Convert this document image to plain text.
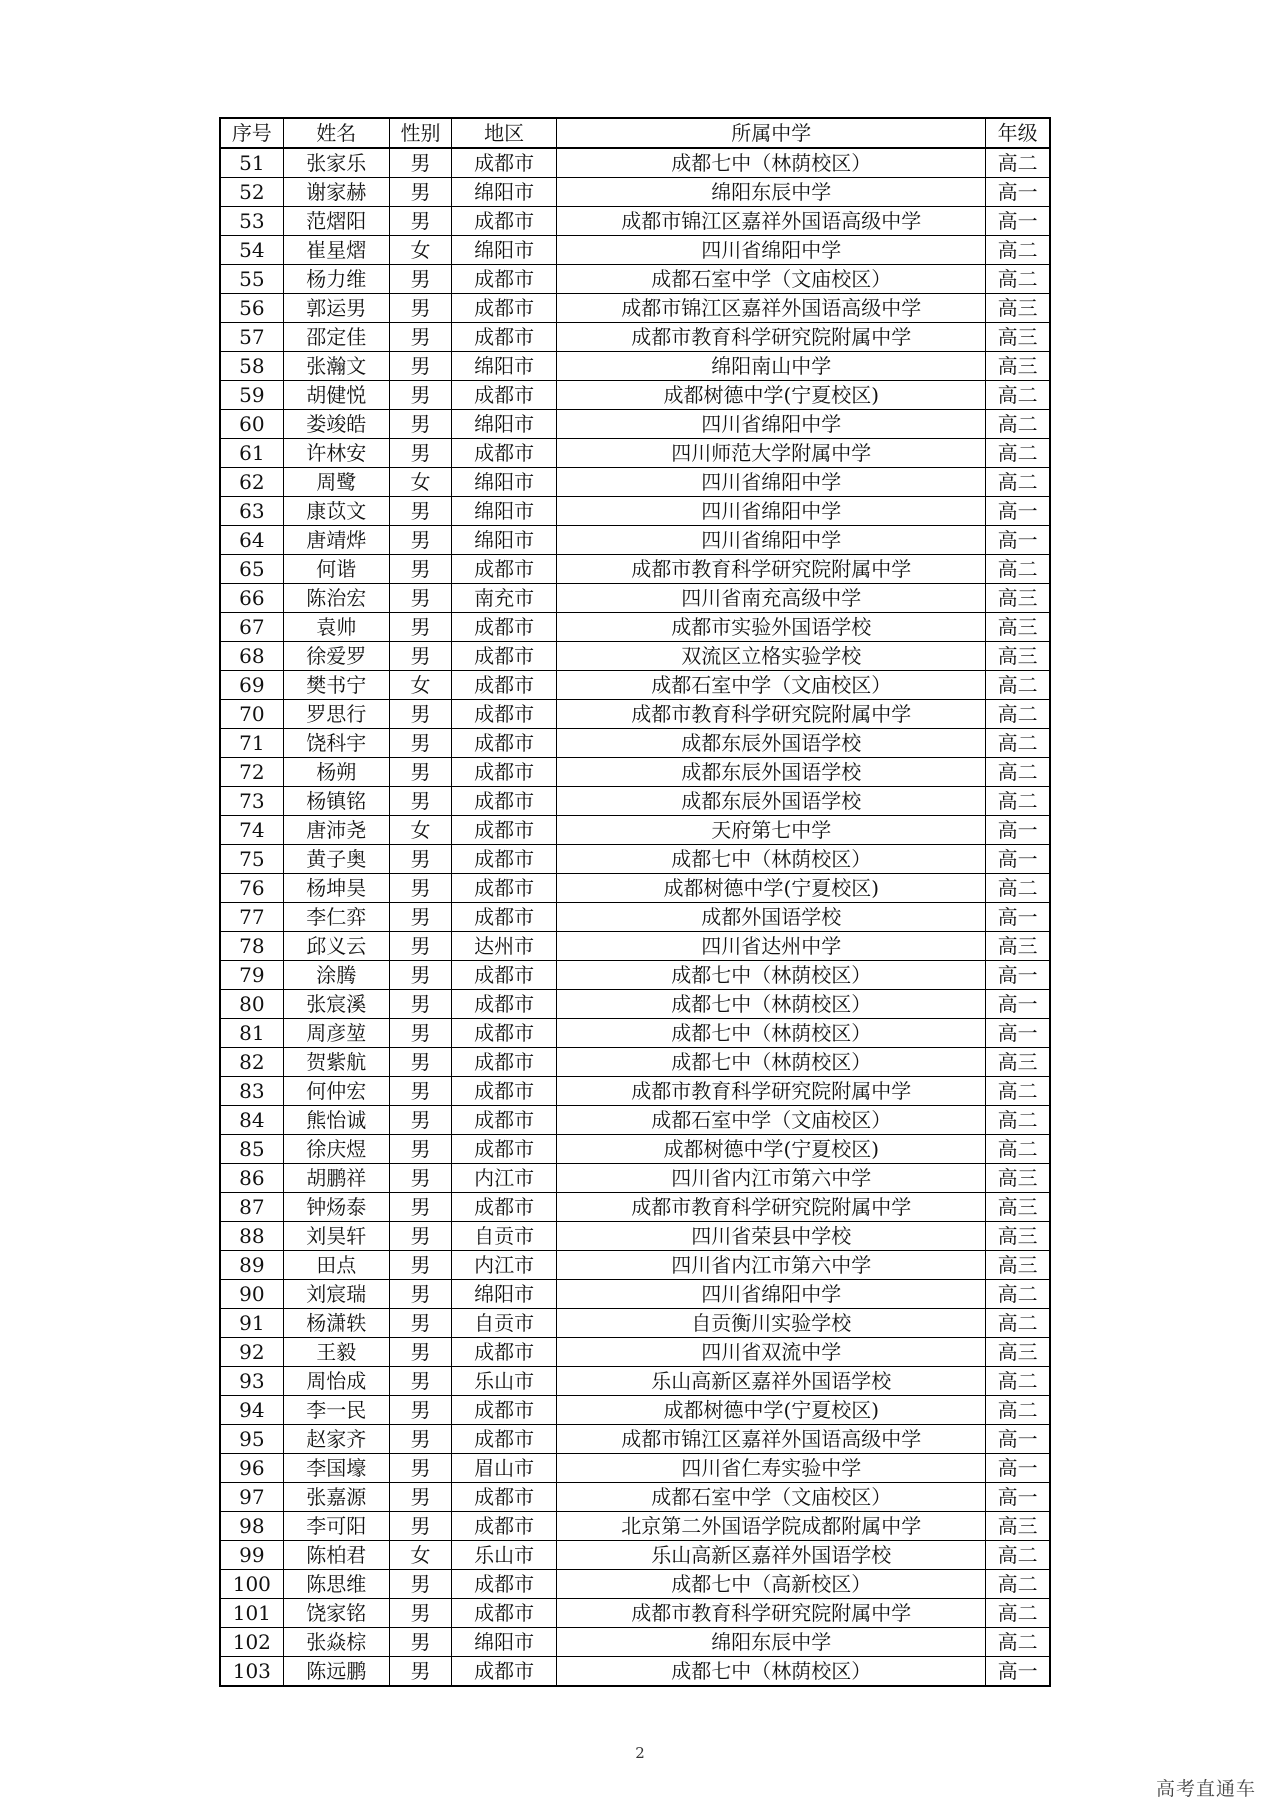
序号	姓名	性别	地区	所属中学	年级
51	张家乐	男	成都市	成都七中（林荫校区）	高二
52	谢家赫	男	绵阳市	绵阳东辰中学	高一
53	范熠阳	男	成都市	成都市锦江区嘉祥外国语高级中学	高一
54	崔星熠	女	绵阳市	四川省绵阳中学	高二
55	杨力维	男	成都市	成都石室中学（文庙校区）	高二
56	郭运男	男	成都市	成都市锦江区嘉祥外国语高级中学	高三
57	邵定佳	男	成都市	成都市教育科学研究院附属中学	高三
58	张瀚文	男	绵阳市	绵阳南山中学	高三
59	胡健悦	男	成都市	成都树德中学(宁夏校区)	高二
60	娄竣皓	男	绵阳市	四川省绵阳中学	高二
61	许林安	男	成都市	四川师范大学附属中学	高二
62	周鹭	女	绵阳市	四川省绵阳中学	高二
63	康苡文	男	绵阳市	四川省绵阳中学	高一
64	唐靖烨	男	绵阳市	四川省绵阳中学	高一
65	何谐	男	成都市	成都市教育科学研究院附属中学	高二
66	陈治宏	男	南充市	四川省南充高级中学	高三
67	袁帅	男	成都市	成都市实验外国语学校	高三
68	徐爱罗	男	成都市	双流区立格实验学校	高三
69	樊书宁	女	成都市	成都石室中学（文庙校区）	高二
70	罗思行	男	成都市	成都市教育科学研究院附属中学	高二
71	饶科宇	男	成都市	成都东辰外国语学校	高二
72	杨朔	男	成都市	成都东辰外国语学校	高二
73	杨镇铭	男	成都市	成都东辰外国语学校	高二
74	唐沛尧	女	成都市	天府第七中学	高一
75	黄子奥	男	成都市	成都七中（林荫校区）	高一
76	杨坤昊	男	成都市	成都树德中学(宁夏校区)	高二
77	李仁弈	男	成都市	成都外国语学校	高一
78	邱义云	男	达州市	四川省达州中学	高三
79	涂腾	男	成都市	成都七中（林荫校区）	高一
80	张宸溪	男	成都市	成都七中（林荫校区）	高一
81	周彦堃	男	成都市	成都七中（林荫校区）	高一
82	贺紫航	男	成都市	成都七中（林荫校区）	高三
83	何仲宏	男	成都市	成都市教育科学研究院附属中学	高二
84	熊怡诚	男	成都市	成都石室中学（文庙校区）	高二
85	徐庆煜	男	成都市	成都树德中学(宁夏校区)	高二
86	胡鹏祥	男	内江市	四川省内江市第六中学	高三
87	钟炀泰	男	成都市	成都市教育科学研究院附属中学	高三
88	刘昊轩	男	自贡市	四川省荣县中学校	高三
89	田点	男	内江市	四川省内江市第六中学	高三
90	刘宸瑞	男	绵阳市	四川省绵阳中学	高二
91	杨潇轶	男	自贡市	自贡衡川实验学校	高二
92	王毅	男	成都市	四川省双流中学	高三
93	周怡成	男	乐山市	乐山高新区嘉祥外国语学校	高二
94	李一民	男	成都市	成都树德中学(宁夏校区)	高二
95	赵家齐	男	成都市	成都市锦江区嘉祥外国语高级中学	高一
96	李国壕	男	眉山市	四川省仁寿实验中学	高一
97	张嘉源	男	成都市	成都石室中学（文庙校区）	高一
98	李可阳	男	成都市	北京第二外国语学院成都附属中学	高三
99	陈柏君	女	乐山市	乐山高新区嘉祥外国语学校	高二
100	陈思维	男	成都市	成都七中（高新校区）	高二
101	饶家铭	男	成都市	成都市教育科学研究院附属中学	高二
102	张焱棕	男	绵阳市	绵阳东辰中学	高二
103	陈远鹏	男	成都市	成都七中（林荫校区）	高一
2
高考直通车
